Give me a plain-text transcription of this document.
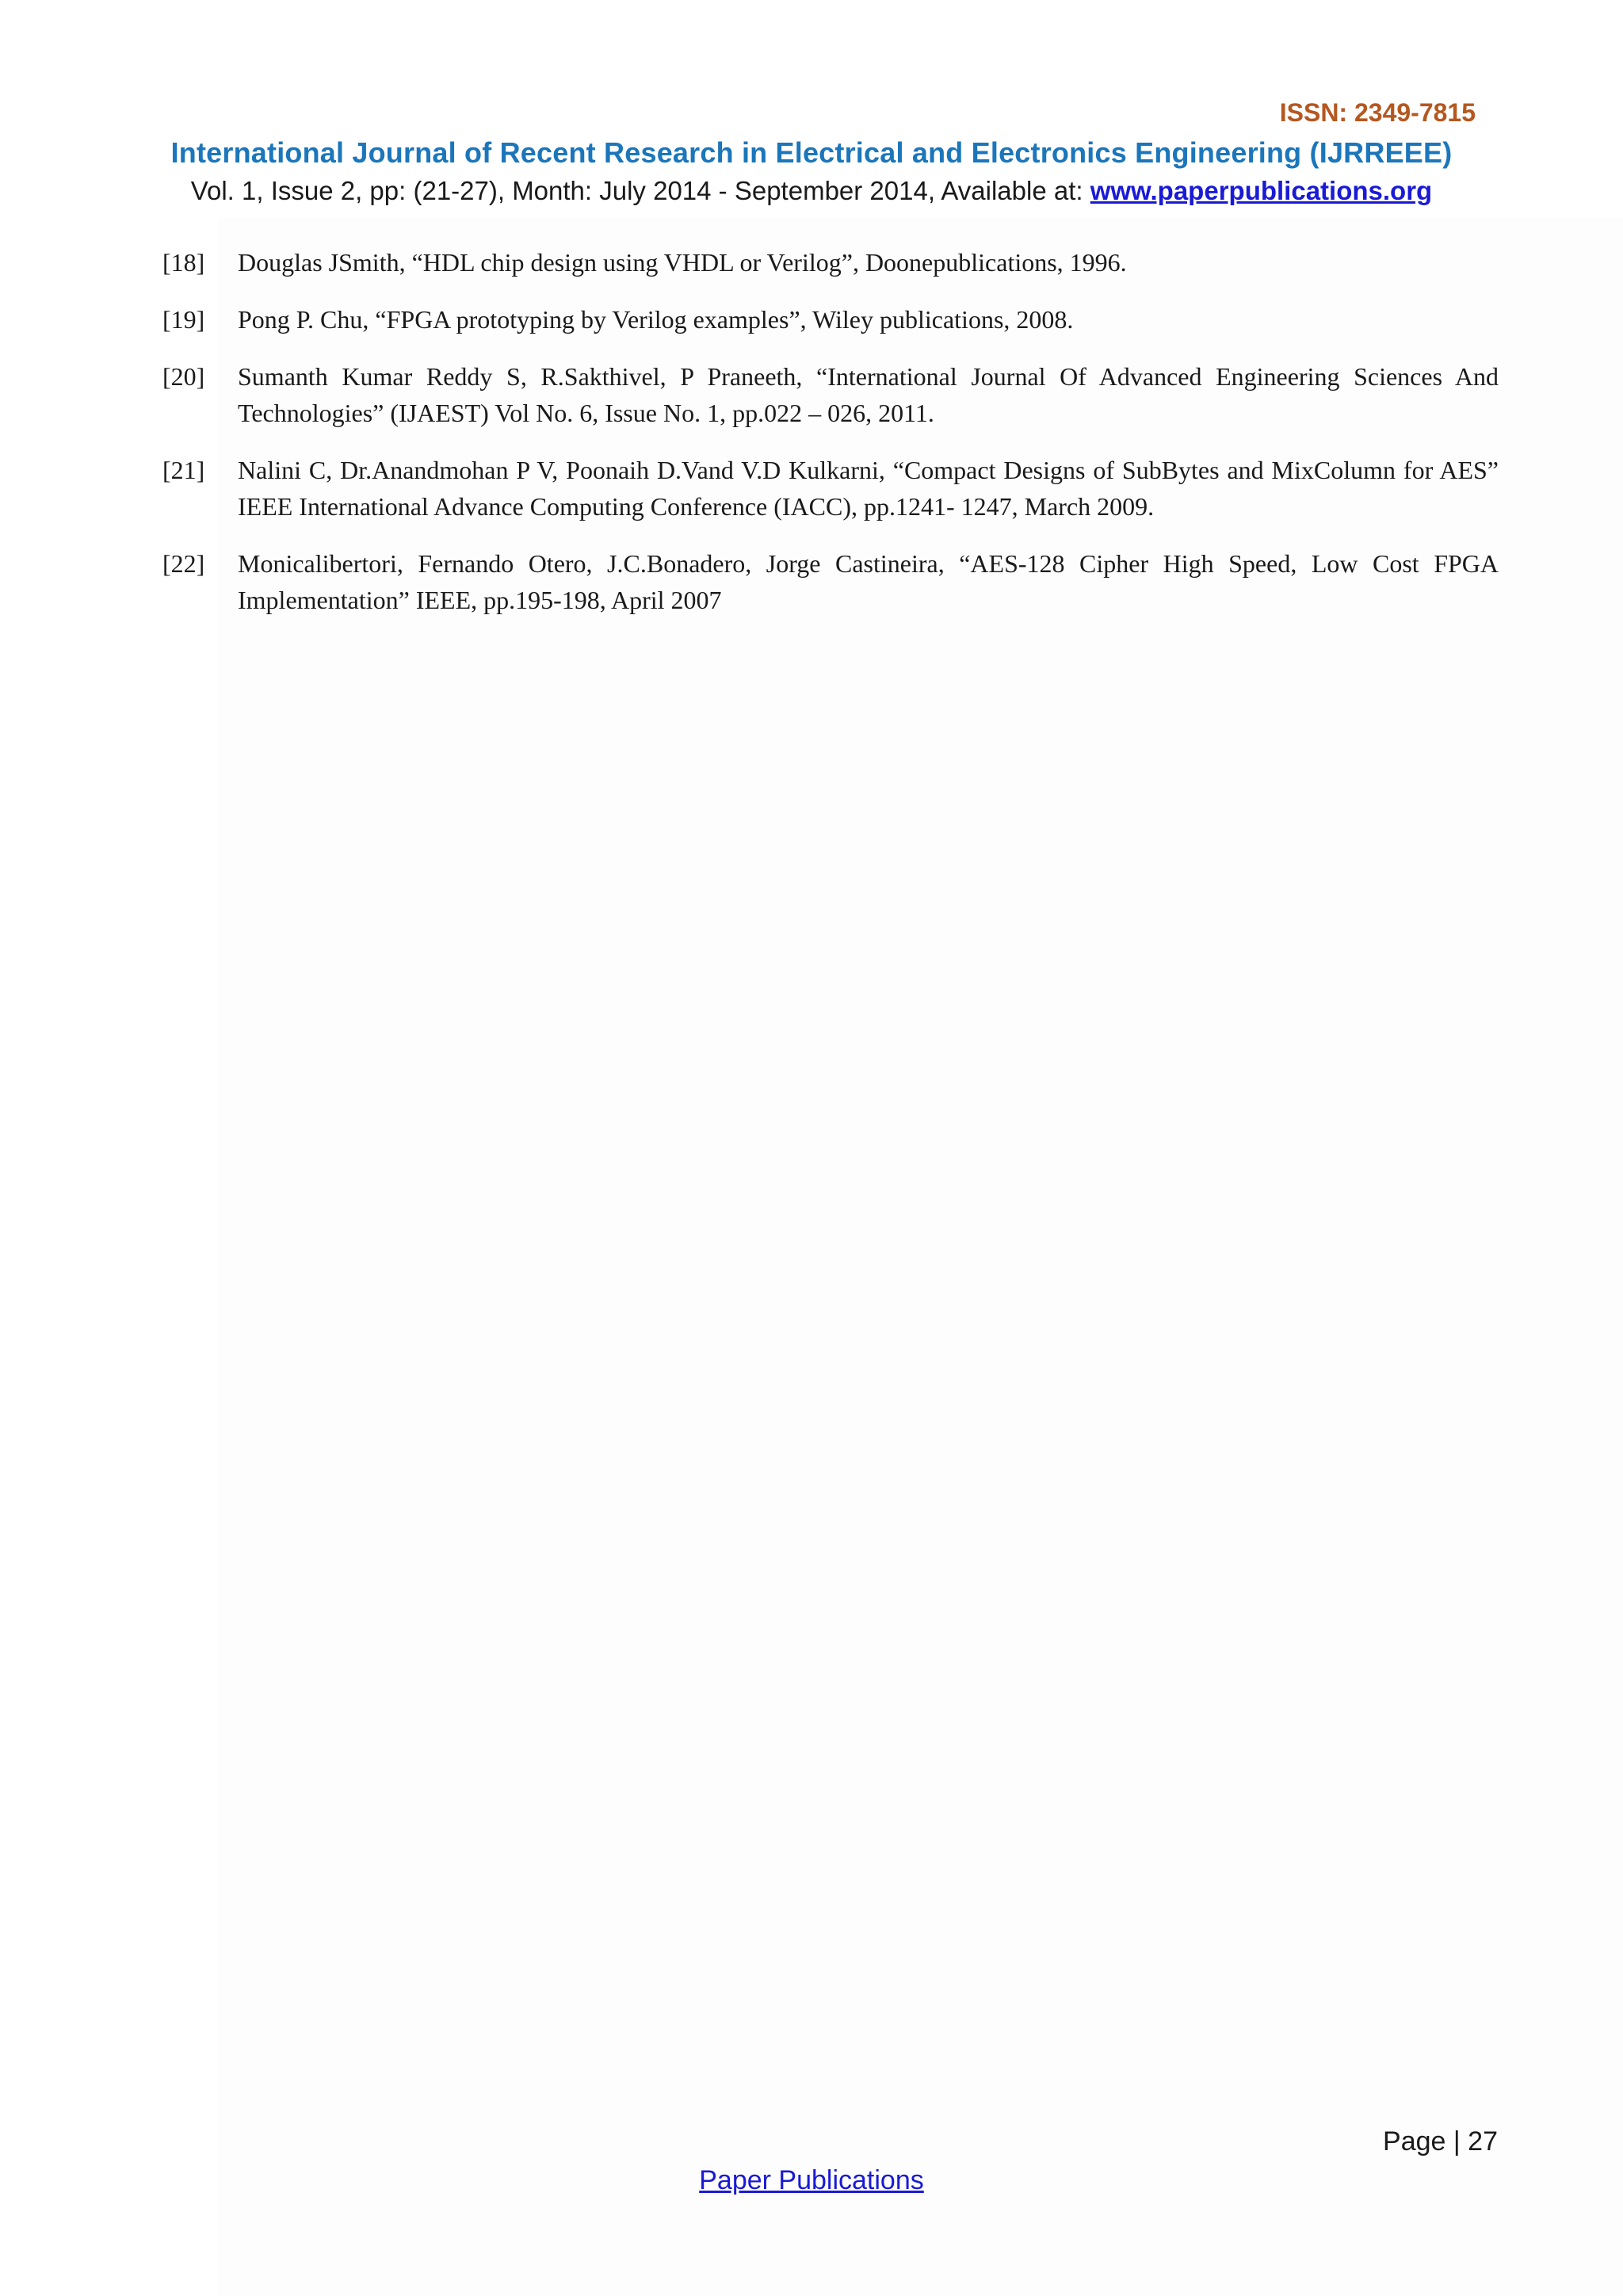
ISSN: 2349-7815
International Journal of Recent Research in Electrical and Electronics Engineering (IJRREEE)
Vol. 1, Issue 2, pp: (21-27), Month: July 2014 - September 2014, Available at: www.paperpublications.org
[18]	Douglas JSmith, “HDL chip design using VHDL or Verilog”, Doonepublications, 1996.
[19]	Pong P. Chu, “FPGA prototyping by Verilog examples”, Wiley publications, 2008.
[20]	Sumanth Kumar Reddy S, R.Sakthivel, P Praneeth, “International Journal Of Advanced Engineering Sciences And Technologies” (IJAEST) Vol No. 6, Issue No. 1, pp.022 – 026, 2011.
[21]	Nalini C, Dr.Anandmohan P V, Poonaih D.Vand V.D Kulkarni, “Compact Designs of SubBytes and MixColumn for AES” IEEE International Advance Computing Conference (IACC), pp.1241- 1247, March 2009.
[22]	Monicalibertori, Fernando Otero, J.C.Bonadero, Jorge Castineira, “AES-128 Cipher High Speed, Low Cost FPGA Implementation” IEEE, pp.195-198, April 2007
Page | 27
Paper Publications
